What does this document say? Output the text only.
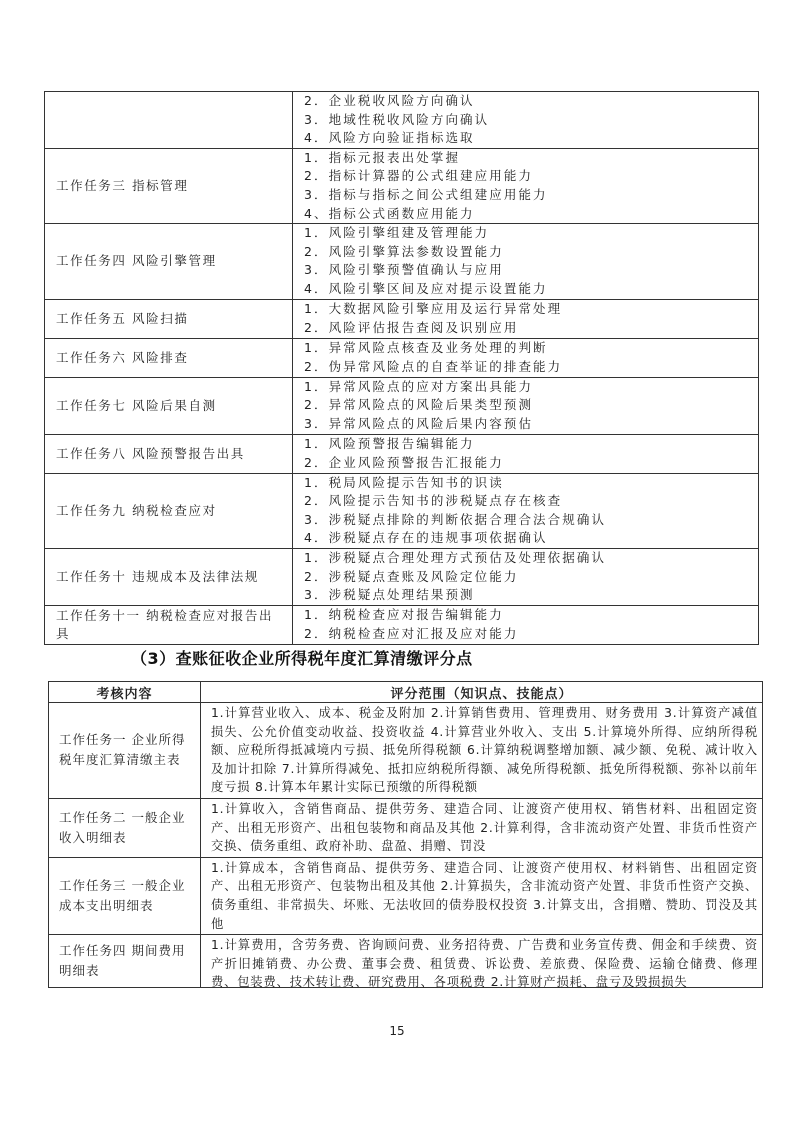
	2．企业税收风险方向确认
3．地域性税收风险方向确认
4．风险方向验证指标选取

工作任务三 指标管理	1．指标元报表出处掌握
2．指标计算器的公式组建应用能力
3．指标与指标之间公式组建应用能力
4、指标公式函数应用能力

工作任务四 风险引擎管理	1．风险引擎组建及管理能力
2．风险引擎算法参数设置能力
3．风险引擎预警值确认与应用
4．风险引擎区间及应对提示设置能力

工作任务五 风险扫描	1．大数据风险引擎应用及运行异常处理
2．风险评估报告查阅及识别应用

工作任务六 风险排查	1．异常风险点核查及业务处理的判断
2．伪异常风险点的自查举证的排查能力

工作任务七 风险后果自测	1．异常风险点的应对方案出具能力
2．异常风险点的风险后果类型预测
3．异常风险点的风险后果内容预估

工作任务八 风险预警报告出具	1．风险预警报告编辑能力
2．企业风险预警报告汇报能力

工作任务九 纳税检查应对	1．税局风险提示告知书的识读
2．风险提示告知书的涉税疑点存在核查
3．涉税疑点排除的判断依据合理合法合规确认
4．涉税疑点存在的违规事项依据确认

工作任务十 违规成本及法律法规	1．涉税疑点合理处理方式预估及处理依据确认
2．涉税疑点查账及风险定位能力
3．涉税疑点处理结果预测

工作任务十一 纳税检查应对报告出具	1．纳税检查应对报告编辑能力
2．纳税检查应对汇报及应对能力
（3）查账征收企业所得税年度汇算清缴评分点
考核内容	评分范围（知识点、技能点）
工作任务一 企业所得税年度汇算清缴主表	1.计算营业收入、成本、税金及附加 2.计算销售费用、管理费用、财务费用 3.计算资产减值损失、公允价值变动收益、投资收益 4.计算营业外收入、支出 5.计算境外所得、应纳所得税额、应税所得抵减境内亏损、抵免所得税额 6.计算纳税调整增加额、减少额、免税、减计收入及加计扣除 7.计算所得减免、抵扣应纳税所得额、减免所得税额、抵免所得税额、弥补以前年度亏损 8.计算本年累计实际已预缴的所得税额
工作任务二 一般企业收入明细表	1.计算收入，含销售商品、提供劳务、建造合同、让渡资产使用权、销售材料、出租固定资产、出租无形资产、出租包装物和商品及其他 2.计算利得，含非流动资产处置、非货币性资产交换、债务重组、政府补助、盘盈、捐赠、罚没
工作任务三 一般企业成本支出明细表	1.计算成本，含销售商品、提供劳务、建造合同、让渡资产使用权、材料销售、出租固定资产、出租无形资产、包装物出租及其他 2.计算损失，含非流动资产处置、非货币性资产交换、债务重组、非常损失、坏账、无法收回的债券股权投资 3.计算支出，含捐赠、赞助、罚没及其他
工作任务四 期间费用明细表	1.计算费用，含劳务费、咨询顾问费、业务招待费、广告费和业务宣传费、佣金和手续费、资产折旧摊销费、办公费、董事会费、租赁费、诉讼费、差旅费、保险费、运输仓储费、修理费、包装费、技术转让费、研究费用、各项税费 2.计算财产损耗、盘亏及毁损损失
15
